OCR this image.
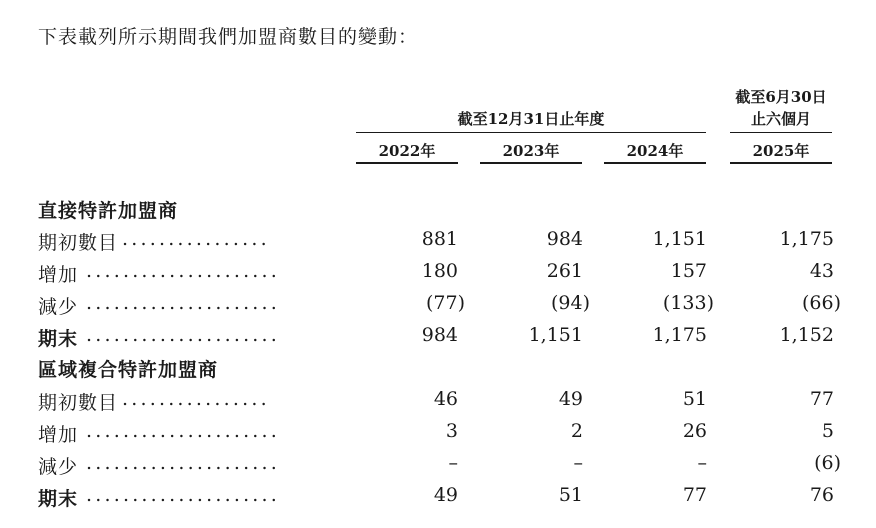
下表載列所示期間我們加盟商數目的變動：
截至12月31日止年度
截至6月30日
止六個月
2022年	2023年	2024年	2025年
直接特許加盟商
期初數目 ................	881	984	1,151	1,175
增加 .....................	180	261	157	43
減少 .....................	(77)	(94)	(133)	(66)
期末 .....................	984	1,151	1,175	1,152
區域複合特許加盟商
期初數目 ................	46	49	51	77
增加 .....................	3	2	26	5
減少 .....................	–	–	–	(6)
期末 .....................	49	51	77	76
